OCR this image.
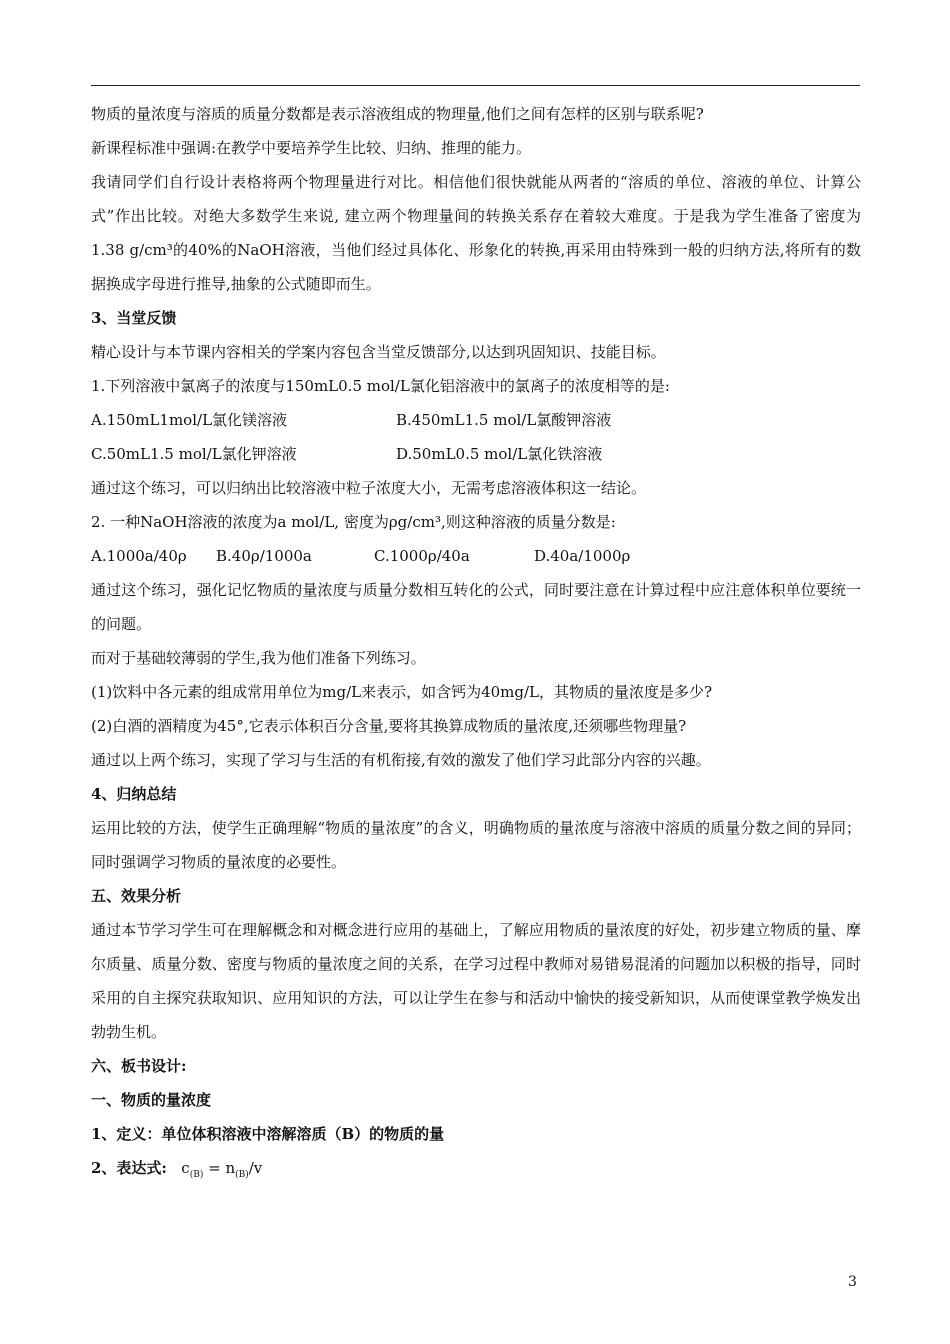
物质的量浓度与溶质的质量分数都是表示溶液组成的物理量,他们之间有怎样的区别与联系呢?

新课程标准中强调:在教学中要培养学生比较、归纳、推理的能力。

我请同学们自行设计表格将两个物理量进行对比。相信他们很快就能从两者的“溶质的单位、溶液的单位、计算公式”作出比较。对绝大多数学生来说, 建立两个物理量间的转换关系存在着较大难度。于是我为学生准备了密度为1.38 g/cm³的40%的NaOH溶液，当他们经过具体化、形象化的转换,再采用由特殊到一般的归纳方法,将所有的数据换成字母进行推导,抽象的公式随即而生。

3、当堂反馈

精心设计与本节课内容相关的学案内容包含当堂反馈部分,以达到巩固知识、技能目标。

1.下列溶液中氯离子的浓度与150mL0.5 mol/L氯化铝溶液中的氯离子的浓度相等的是:

A.150mL1mol/L氯化镁溶液	B.450mL1.5 mol/L氯酸钾溶液
C.50mL1.5 mol/L氯化钾溶液	D.50mL0.5 mol/L氯化铁溶液

通过这个练习，可以归纳出比较溶液中粒子浓度大小，无需考虑溶液体积这一结论。

2. 一种NaOH溶液的浓度为a mol/L, 密度为ρg/cm³,则这种溶液的质量分数是:

A.1000a/40ρ	B.40ρ/1000a	C.1000ρ/40a	D.40a/1000ρ

通过这个练习，强化记忆物质的量浓度与质量分数相互转化的公式，同时要注意在计算过程中应注意体积单位要统一的问题。

而对于基础较薄弱的学生,我为他们准备下列练习。

(1)饮料中各元素的组成常用单位为mg/L来表示，如含钙为40mg/L，其物质的量浓度是多少?

(2)白酒的酒精度为45°,它表示体积百分含量,要将其换算成物质的量浓度,还须哪些物理量?

通过以上两个练习，实现了学习与生活的有机衔接,有效的激发了他们学习此部分内容的兴趣。

4、归纳总结

运用比较的方法，使学生正确理解“物质的量浓度”的含义，明确物质的量浓度与溶液中溶质的质量分数之间的异同；同时强调学习物质的量浓度的必要性。

五、效果分析

通过本节学习学生可在理解概念和对概念进行应用的基础上，了解应用物质的量浓度的好处，初步建立物质的量、摩尔质量、质量分数、密度与物质的量浓度之间的关系，在学习过程中教师对易错易混淆的问题加以积极的指导，同时采用的自主探究获取知识、应用知识的方法，可以让学生在参与和活动中愉快的接受新知识，从而使课堂教学焕发出勃勃生机。

六、板书设计:

一、物质的量浓度

1、定义：单位体积溶液中溶解溶质（B）的物质的量

2、表达式: $c_{(B)} = n_{(B)}/v$

3
